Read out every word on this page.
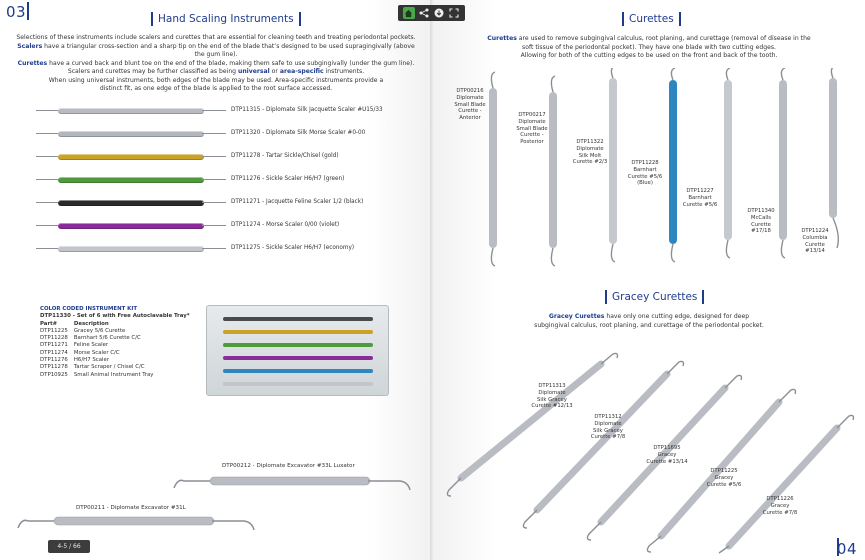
03	Hand Scaling Instruments
Selections of these instruments include scalers and curettes that are essential for cleaning teeth and treating periodontal pockets.
Scalers have a triangular cross-section and a sharp tip on the end of the blade that’s designed to be used supragingivally (above the gum line).
Curettes have a curved back and blunt toe on the end of the blade, making them safe to use subgingivally (under the gum line).
Scalers and curettes may be further classified as being universal or area-specific instruments.
When using universal instruments, both edges of the blade may be used. Area-specific instruments provide a
distinct fit, as one edge of the blade is applied to the root surface accessed.
DTP11315 - Diplomate Silk Jacquette Scaler #U15/33
DTP11320 - Diplomate Silk Morse Scaler #0-00
DTP11278 - Tartar Sickle/Chisel (gold)
DTP11276 - Sickle Scaler H6/H7 (green)
DTP11271 - Jacquette Feline Scaler 1/2 (black)
DTP11274 - Morse Scaler 0/00 (violet)
DTP11275 - Sickle Scaler H6/H7 (economy)
COLOR CODED INSTRUMENT KIT
DTP11330 - Set of 6 with Free Autoclavable Tray*
Part#	Description
DTP11225	Gracey 5/6 Curette
DTP11228	Barnhart 5/6 Curette C/C
DTP11271	Feline Scaler
DTP11274	Morse Scaler C/C
DTP11276	H6/H7 Scaler
DTP11278	Tartar Scraper / Chisel C/C
DTP10925	Small Animal Instrument Tray
DTP00212 - Diplomate Excavator #33L Luxator
DTP00211 - Diplomate Excavator #31L
4-5 / 66
Curettes
Curettes are used to remove subgingival calculus, root planing, and curettage (removal of disease in the
soft tissue of the periodontal pocket). They have one blade with two cutting edges.
Allowing for both of the cutting edges to be used on the front and back of the tooth.
DTP00216
Diplomate
Small Blade
Curette -
Anterior
DTP00217
Diplomate
Small Blade
Curette -
Posterior	DTP11322
Diplomate
Silk Molt
Curette #2/3	DTP11228
Barnhart
Curette #5/6
(Blue)
DTP11227
Barnhart
Curette #5/6
DTP11340
McCalls
Curette
#17/18	DTP11224
Columbia
Curette
#13/14
Gracey Curettes
Gracey Curettes have only one cutting edge, designed for deep
subgingival calculus, root planing, and curettage of the periodontal pocket.
DTP11313
Diplomate
Silk Gracey
Curette #12/13
DTP11312
Diplomate
Silk Gracey
Curette #7/8
DTP11695
Gracey
Curette #13/14
DTP11225
Gracey
Curette #5/6
DTP11226
Gracey
Curette #7/8
04
